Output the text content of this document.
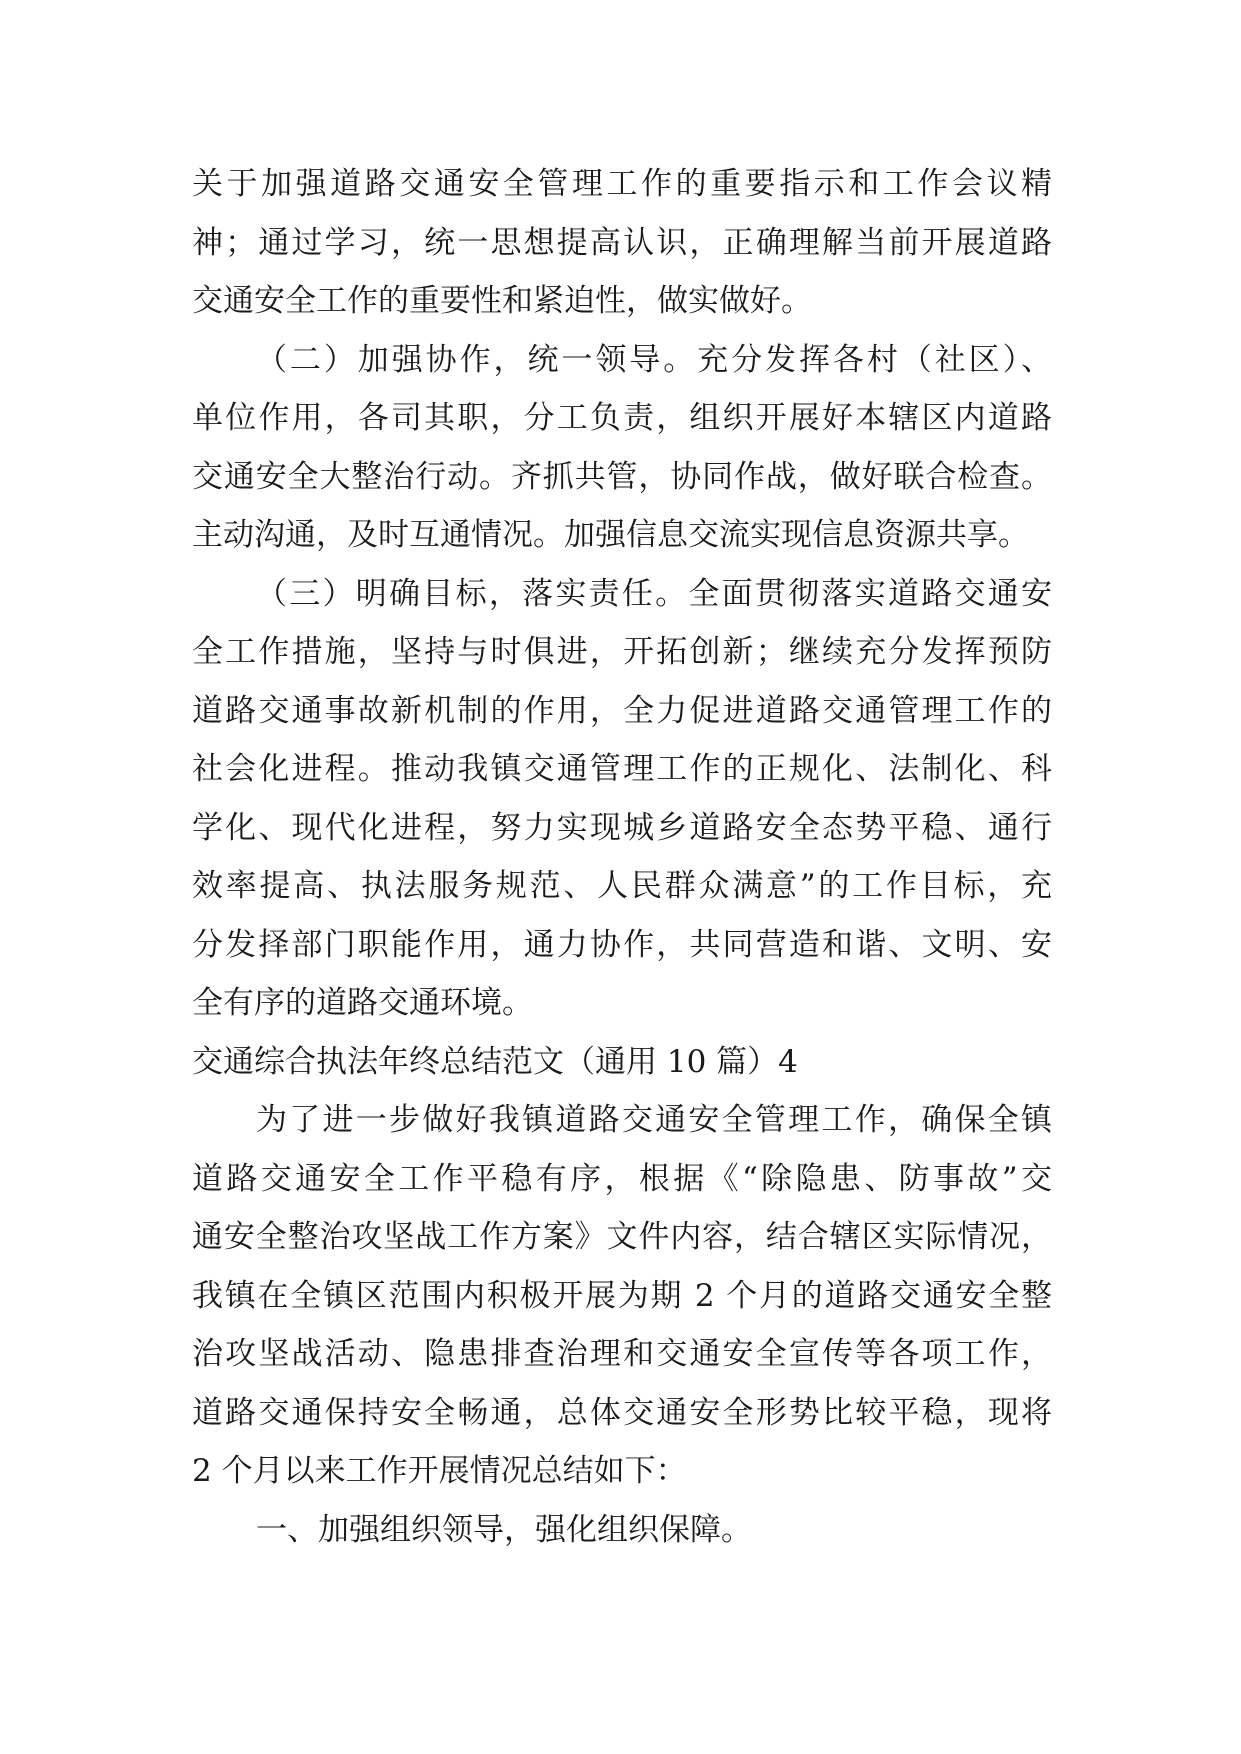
关于加强道路交通安全管理工作的重要指示和工作会议精
神；通过学习，统一思想提高认识，正确理解当前开展道路
交通安全工作的重要性和紧迫性，做实做好。
（二）加强协作，统一领导。充分发挥各村（社区）、
单位作用，各司其职，分工负责，组织开展好本辖区内道路
交通安全大整治行动。齐抓共管，协同作战，做好联合检查。
主动沟通，及时互通情况。加强信息交流实现信息资源共享。
（三）明确目标，落实责任。全面贯彻落实道路交通安
全工作措施，坚持与时俱进，开拓创新；继续充分发挥预防
道路交通事故新机制的作用，全力促进道路交通管理工作的
社会化进程。推动我镇交通管理工作的正规化、法制化、科
学化、现代化进程，努力实现城乡道路安全态势平稳、通行
效率提高、执法服务规范、人民群众满意”的工作目标，充
分发择部门职能作用，通力协作，共同营造和谐、文明、安
全有序的道路交通环境。
交通综合执法年终总结范文（通用 10 篇）4
为了进一步做好我镇道路交通安全管理工作，确保全镇
道路交通安全工作平稳有序，根据《“除隐患、防事故”交
通安全整治攻坚战工作方案》文件内容，结合辖区实际情况，
我镇在全镇区范围内积极开展为期 2 个月的道路交通安全整
治攻坚战活动、隐患排查治理和交通安全宣传等各项工作，
道路交通保持安全畅通，总体交通安全形势比较平稳，现将
2 个月以来工作开展情况总结如下：
一、加强组织领导，强化组织保障。
